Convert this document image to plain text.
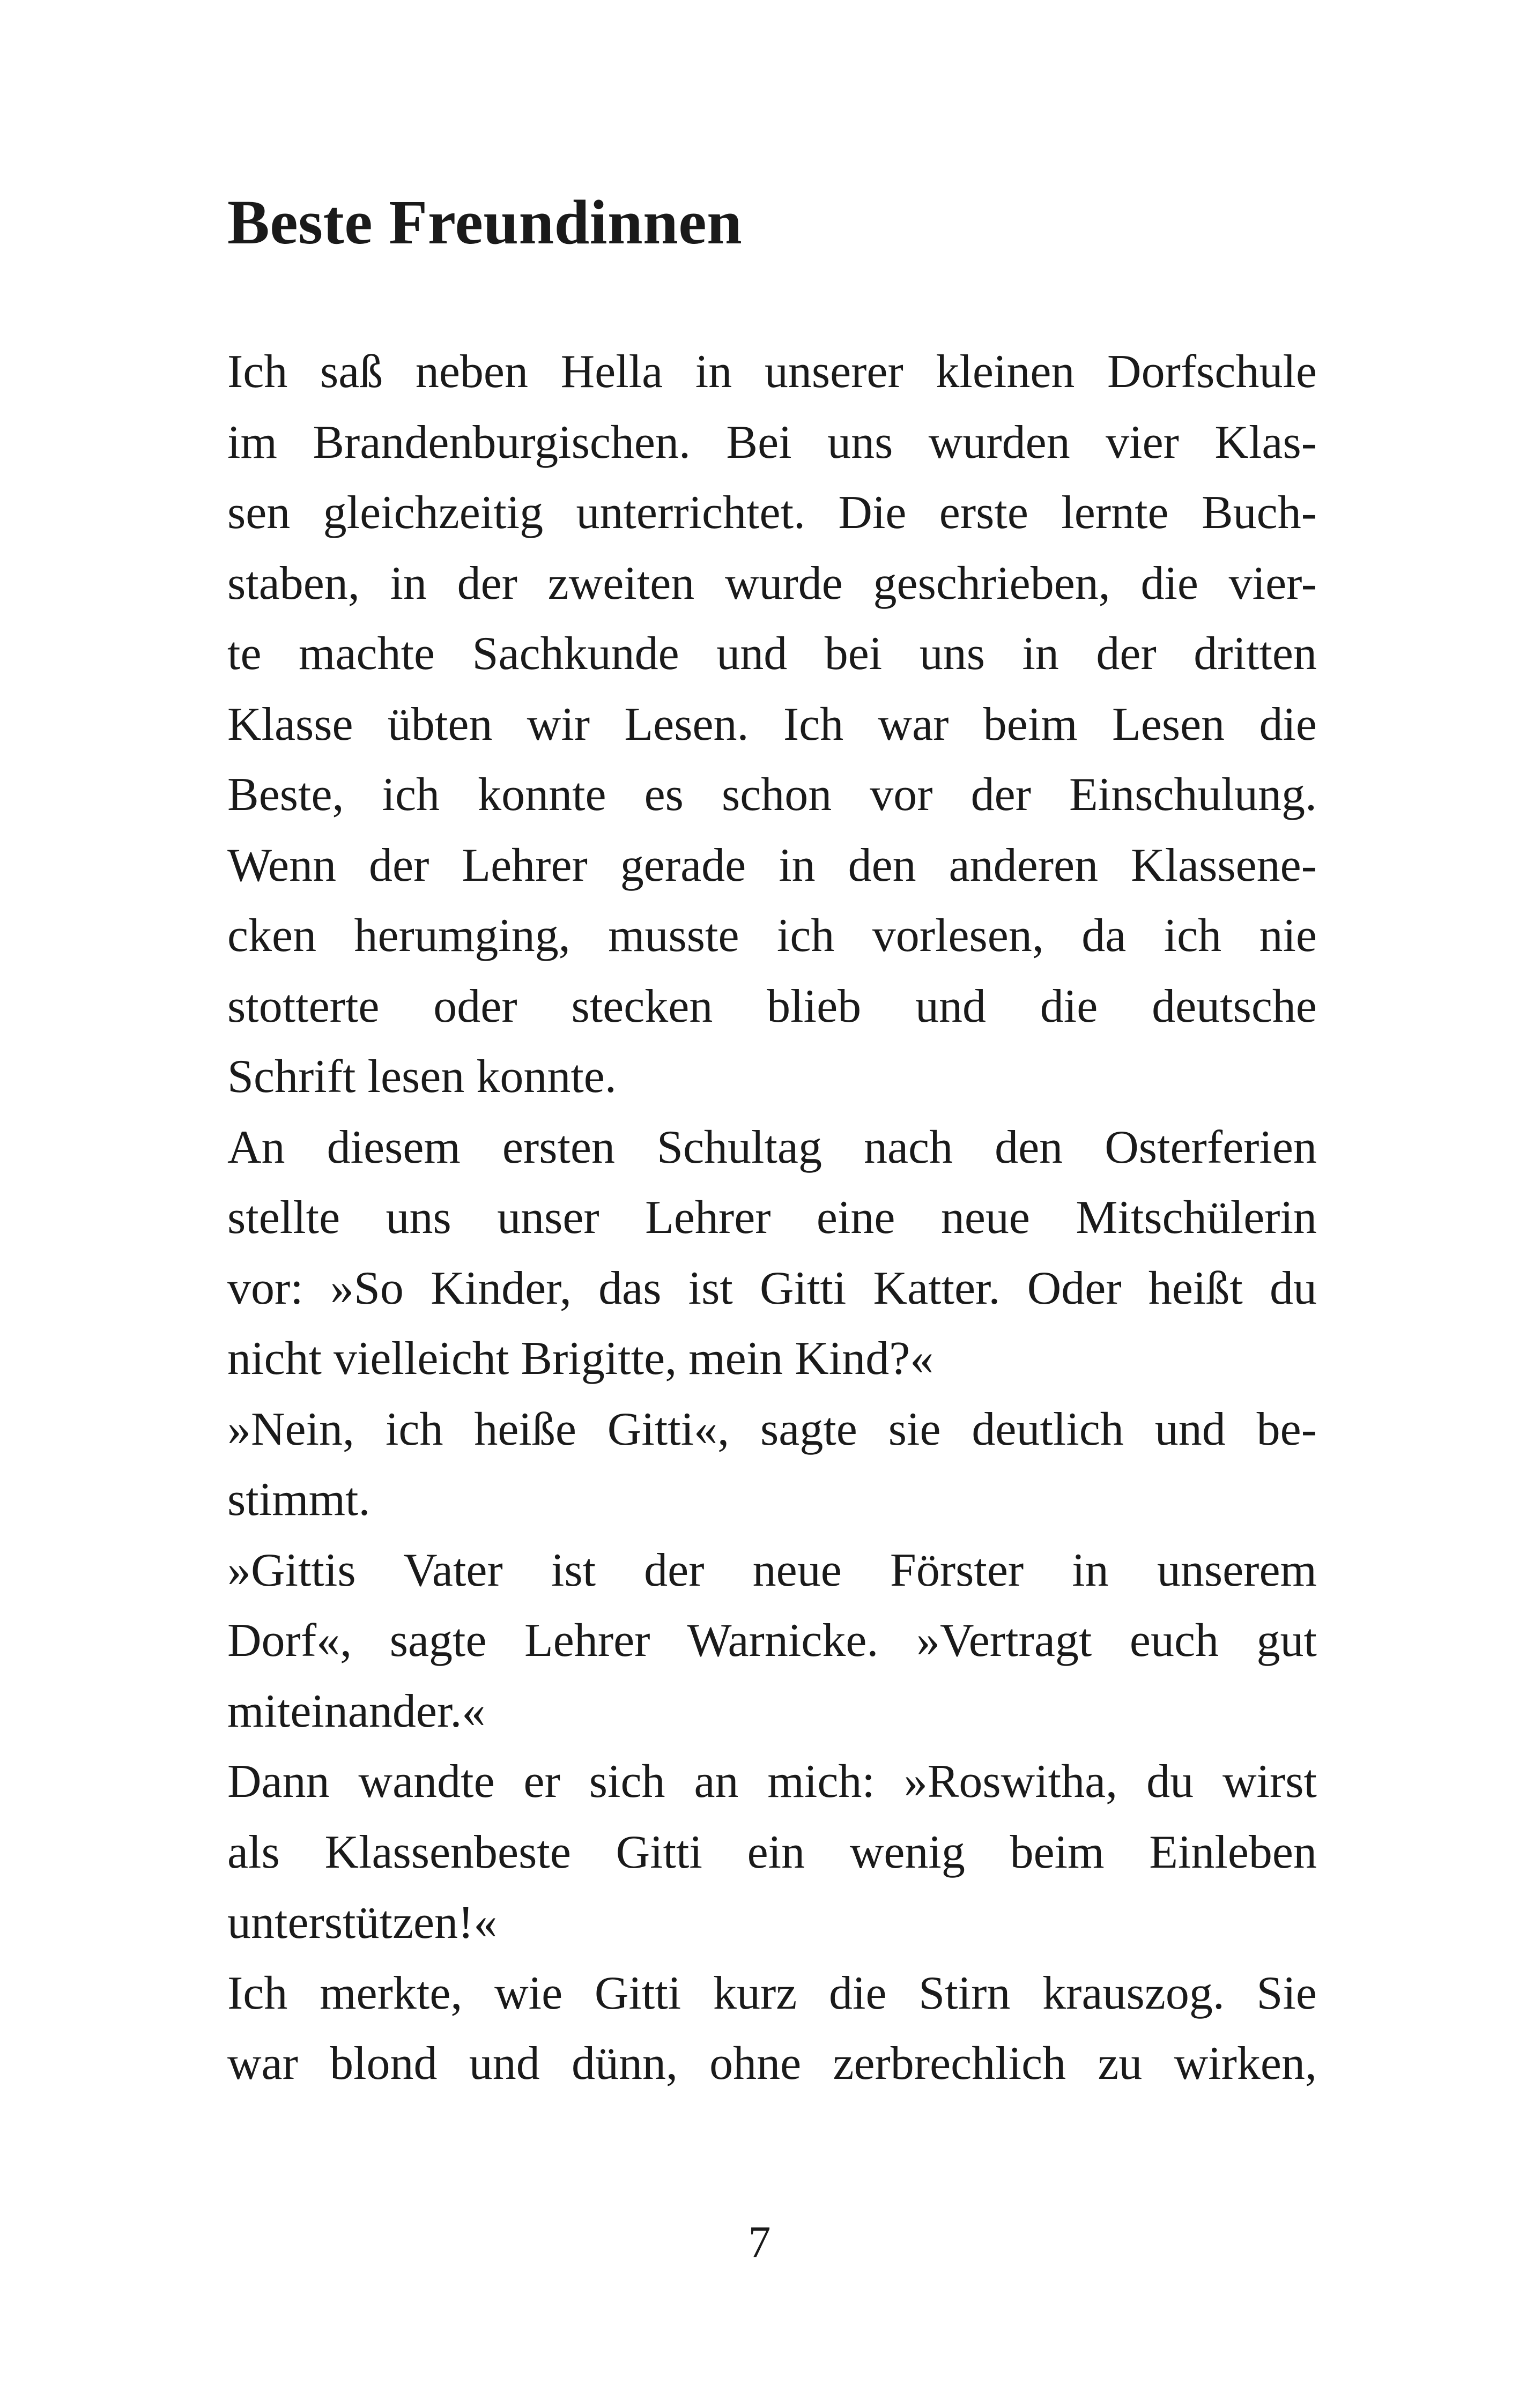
Beste Freundinnen
Ich saß neben Hella in unserer kleinen Dorfschule
im Brandenburgischen. Bei uns wurden vier Klas-
sen gleichzeitig unterrichtet. Die erste lernte Buch-
staben, in der zweiten wurde geschrieben, die vier-
te machte Sachkunde und bei uns in der dritten
Klasse übten wir Lesen. Ich war beim Lesen die
Beste, ich konnte es schon vor der Einschulung.
Wenn der Lehrer gerade in den anderen Klassene-
cken herumging, musste ich vorlesen, da ich nie
stotterte oder stecken blieb und die deutsche
Schrift lesen konnte.
An diesem ersten Schultag nach den Osterferien
stellte uns unser Lehrer eine neue Mitschülerin
vor: »So Kinder, das ist Gitti Katter. Oder heißt du
nicht vielleicht Brigitte, mein Kind?«
»Nein, ich heiße Gitti«, sagte sie deutlich und be-
stimmt.
»Gittis Vater ist der neue Förster in unserem
Dorf«, sagte Lehrer Warnicke. »Vertragt euch gut
miteinander.«
Dann wandte er sich an mich: »Roswitha, du wirst
als Klassenbeste Gitti ein wenig beim Einleben
unterstützen!«
Ich merkte, wie Gitti kurz die Stirn krauszog. Sie
war blond und dünn, ohne zerbrechlich zu wirken,
7
